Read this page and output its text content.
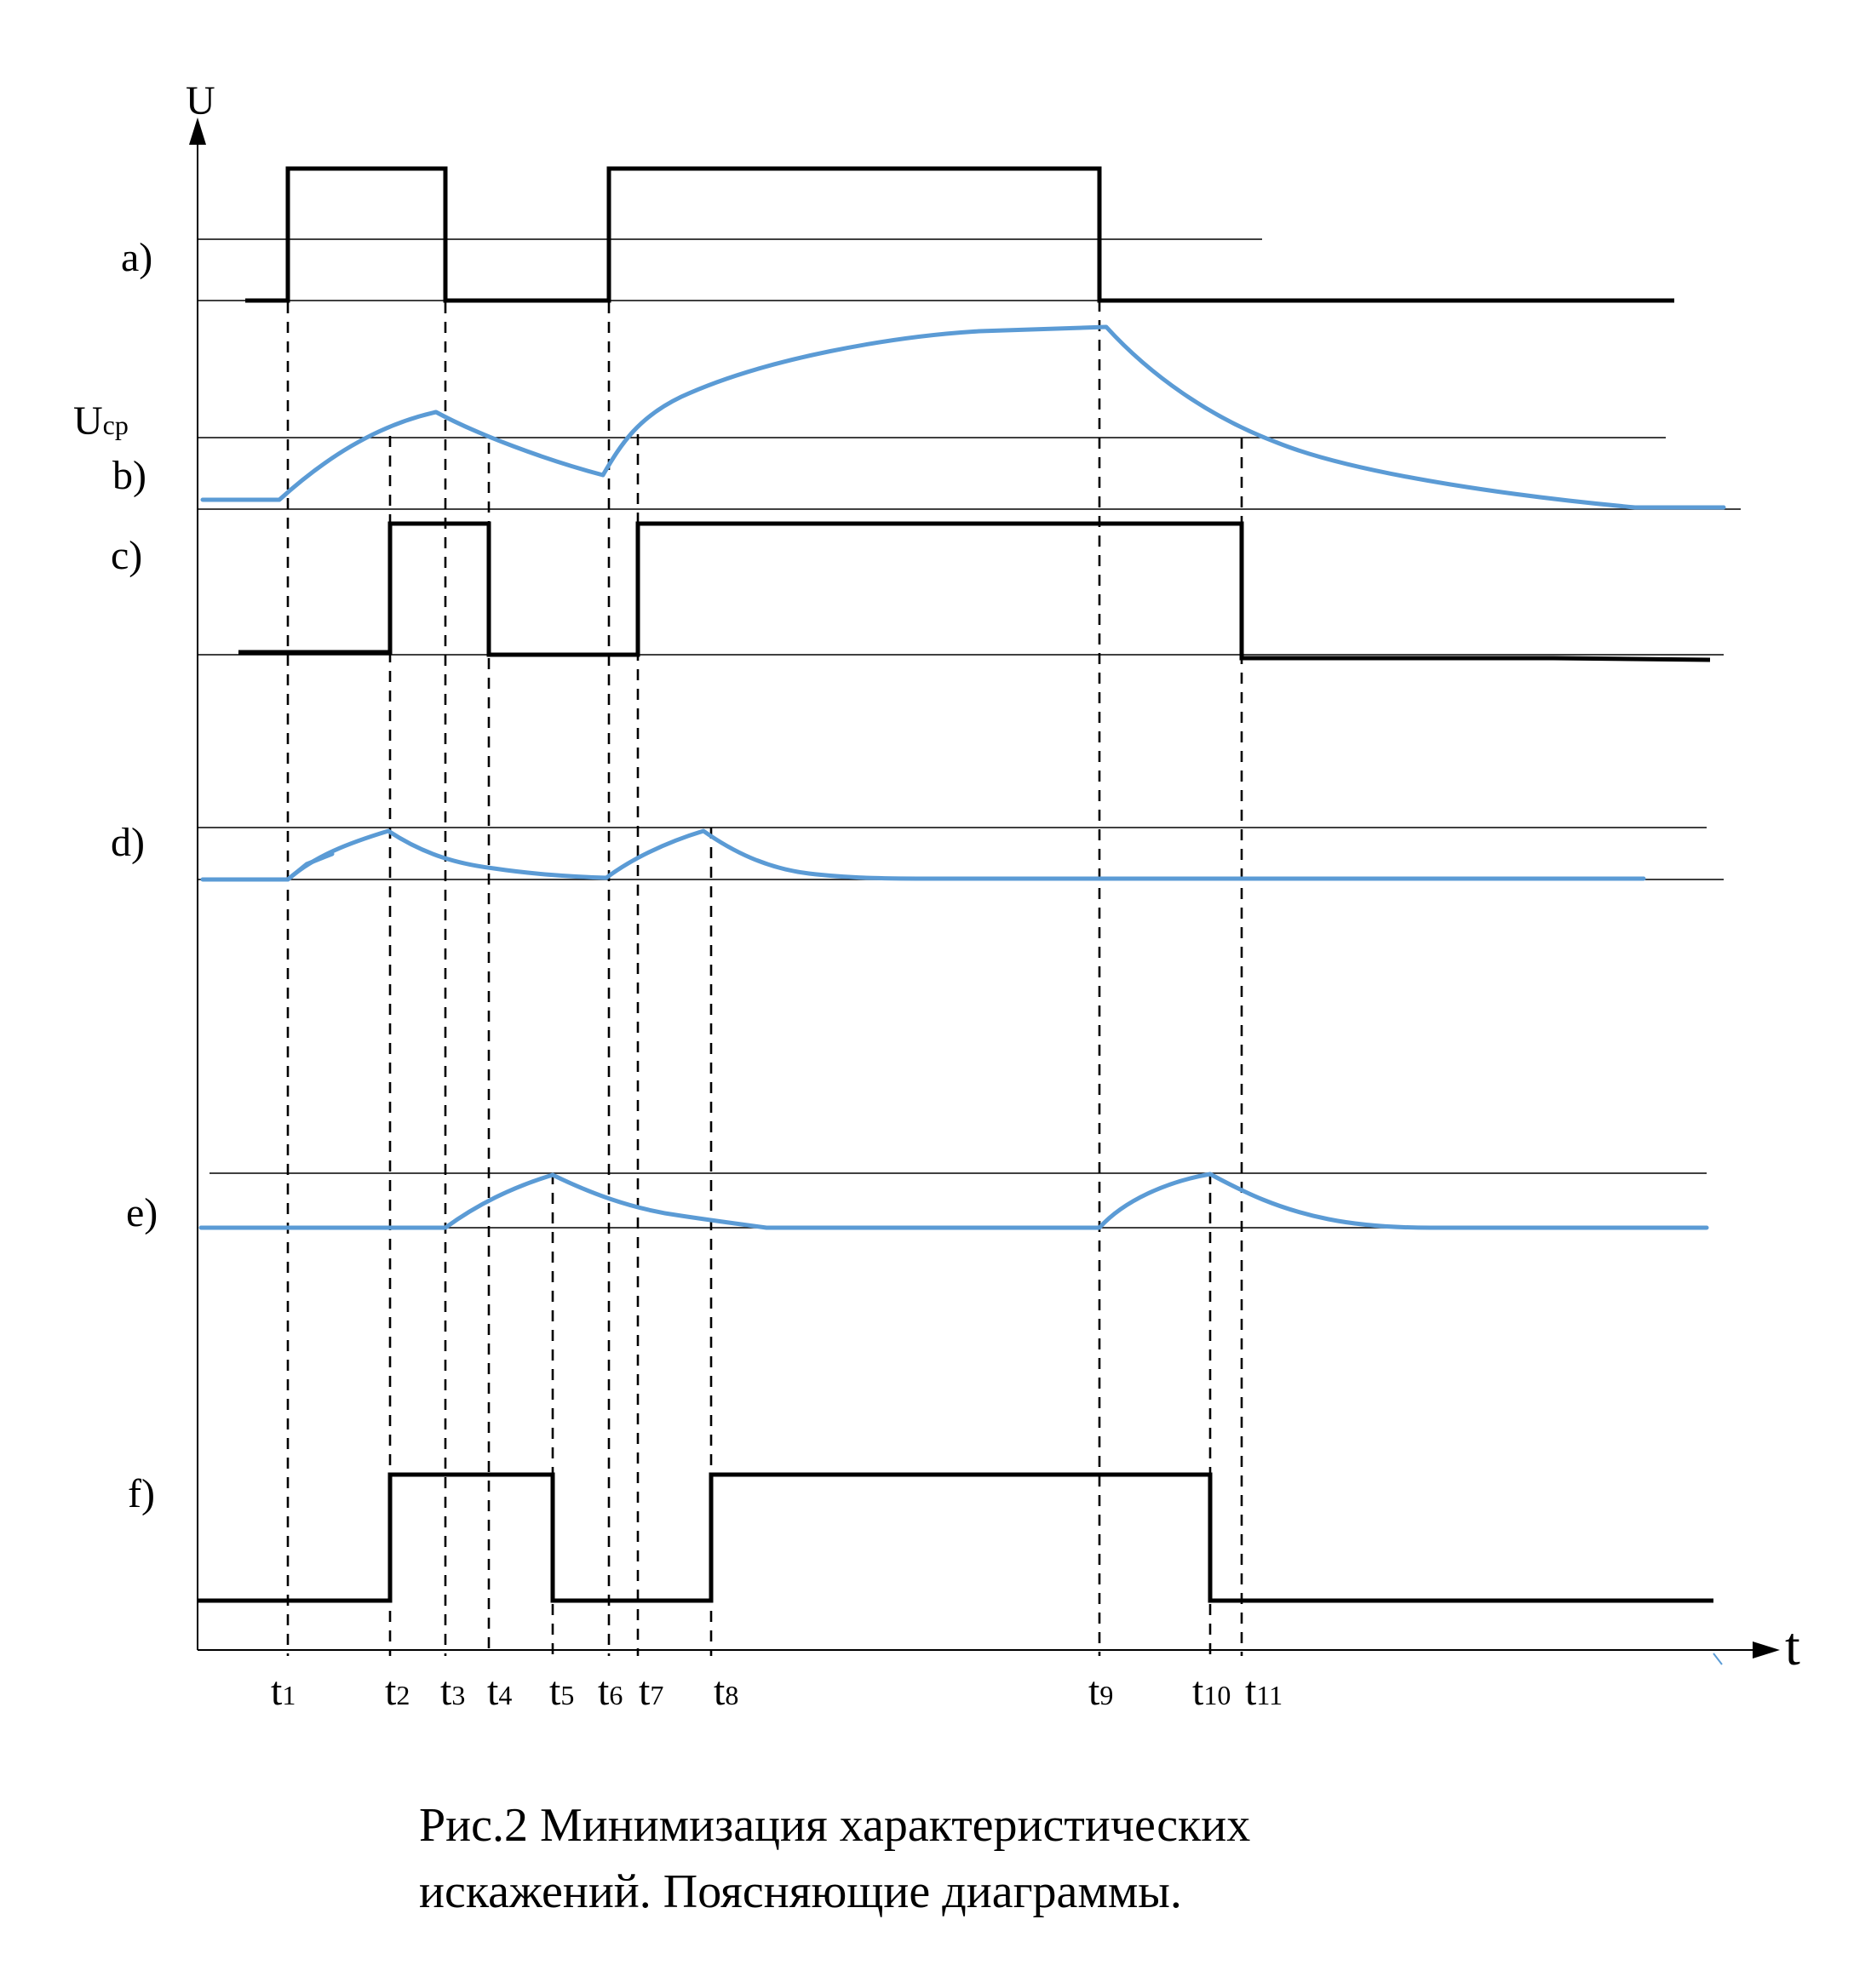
U
t
a)
b)
c)
d)
e)
f)
Uср
t1 t2 t3 t4 t5 t6 t7 t8	t9 t10 t11
Рис.2 Минимизация характеристических
искажений. Поясняющие диаграммы.
